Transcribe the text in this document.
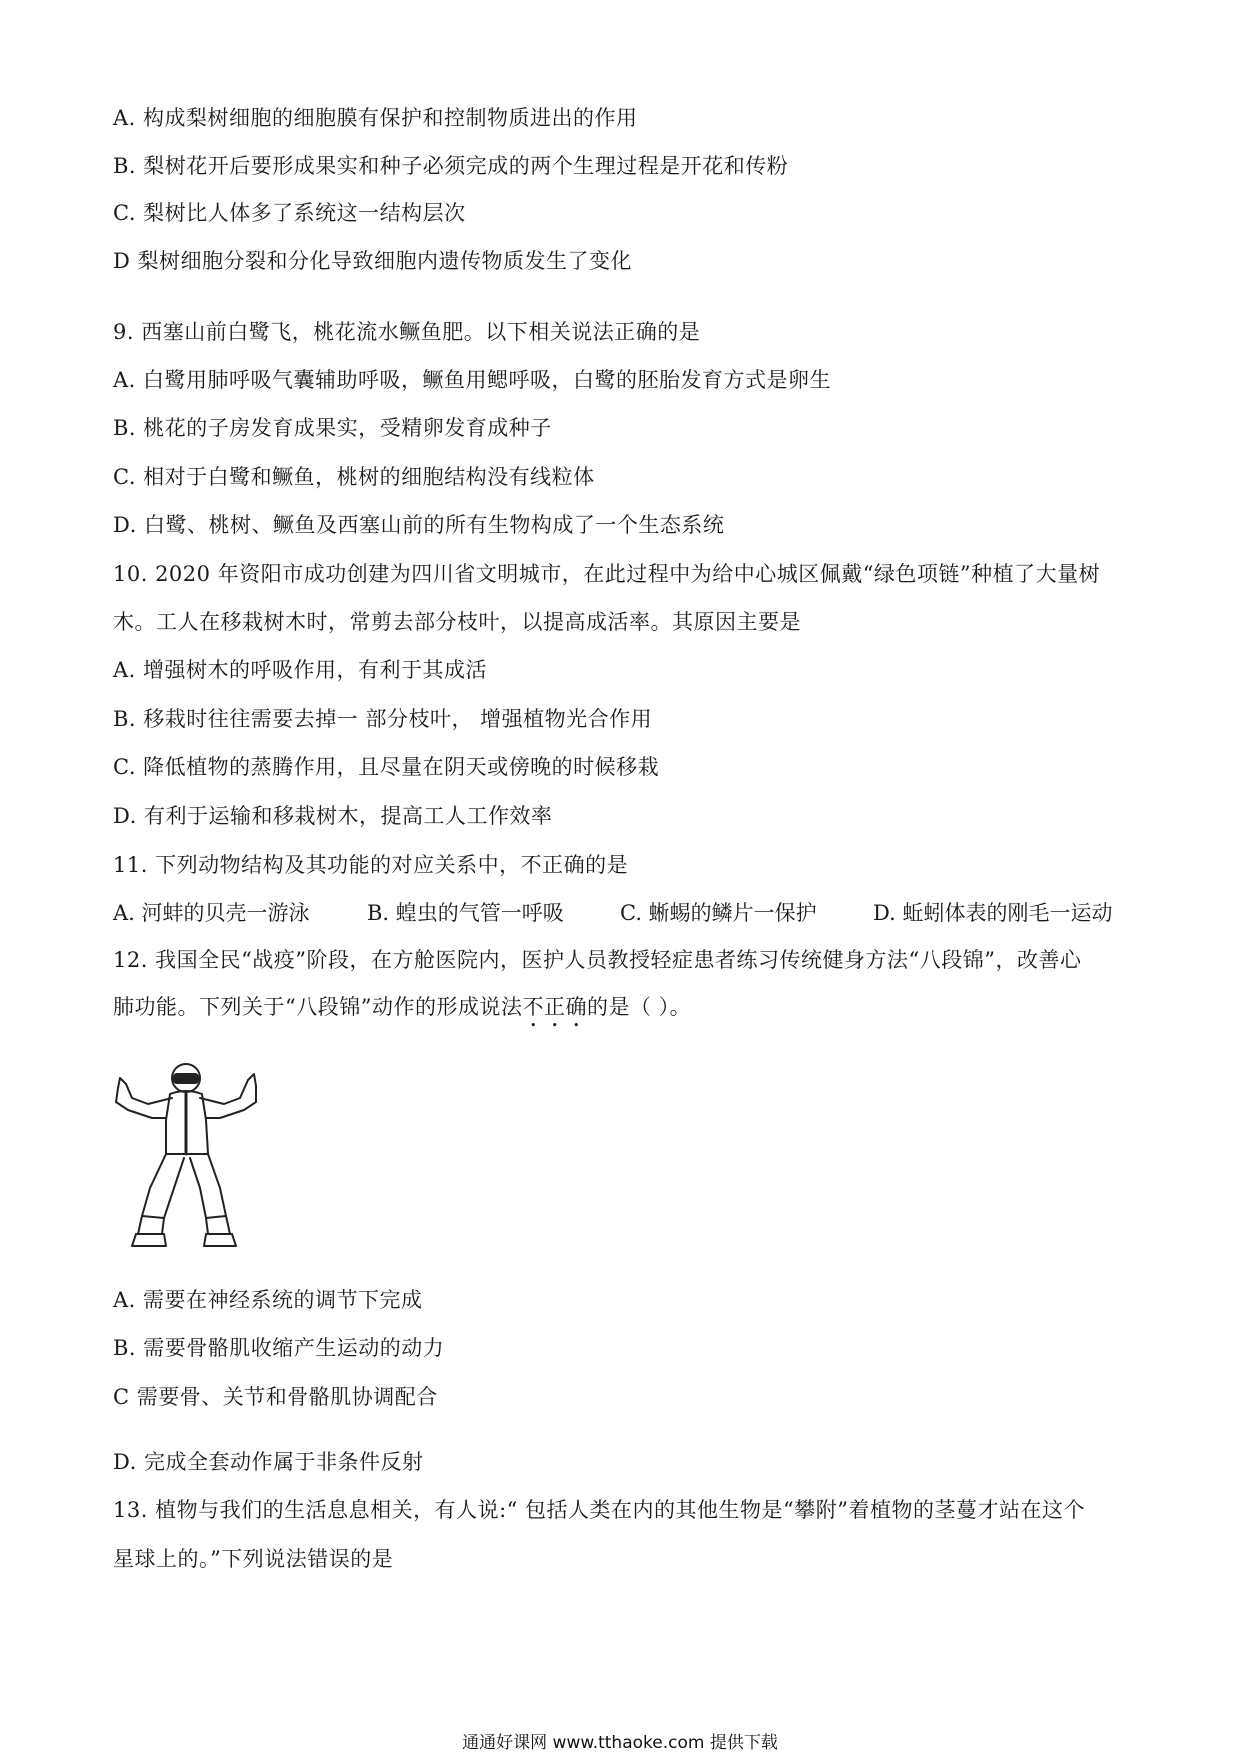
A. 构成梨树细胞的细胞膜有保护和控制物质进出的作用
B. 梨树花开后要形成果实和种子必须完成的两个生理过程是开花和传粉
C. 梨树比人体多了系统这一结构层次
D 梨树细胞分裂和分化导致细胞内遗传物质发生了变化
9. 西塞山前白鹭飞，桃花流水鳜鱼肥。以下相关说法正确的是
A. 白鹭用肺呼吸气囊辅助呼吸，鳜鱼用鳃呼吸，白鹭的胚胎发育方式是卵生
B. 桃花的子房发育成果实，受精卵发育成种子
C. 相对于白鹭和鳜鱼，桃树的细胞结构没有线粒体
D. 白鹭、桃树、鳜鱼及西塞山前的所有生物构成了一个生态系统
10. 2020 年资阳市成功创建为四川省文明城市，在此过程中为给中心城区佩戴“绿色项链”种植了大量树
木。工人在移栽树木时，常剪去部分枝叶，以提高成活率。其原因主要是
A. 增强树木的呼吸作用，有利于其成活
B. 移栽时往往需要去掉一 部分枝叶， 增强植物光合作用
C. 降低植物的蒸腾作用，且尽量在阴天或傍晚的时候移栽
D. 有利于运输和移栽树木，提高工人工作效率
11. 下列动物结构及其功能的对应关系中，不正确的是
A. 河蚌的贝壳一游泳	B. 蝗虫的气管一呼吸	C. 蜥蜴的鳞片一保护	D. 蚯蚓体表的刚毛一运动
12. 我国全民“战疫”阶段，在方舱医院内，医护人员教授轻症患者练习传统健身方法“八段锦”，改善心
肺功能。下列关于“八段锦”动作的形成说法不正确的是（ ）。
A. 需要在神经系统的调节下完成
B. 需要骨骼肌收缩产生运动的动力
C 需要骨、关节和骨骼肌协调配合
D. 完成全套动作属于非条件反射
13. 植物与我们的生活息息相关，有人说:“ 包括人类在内的其他生物是“攀附”着植物的茎蔓才站在这个
星球上的。”下列说法错误的是
通通好课网 www.tthaoke.com 提供下载
